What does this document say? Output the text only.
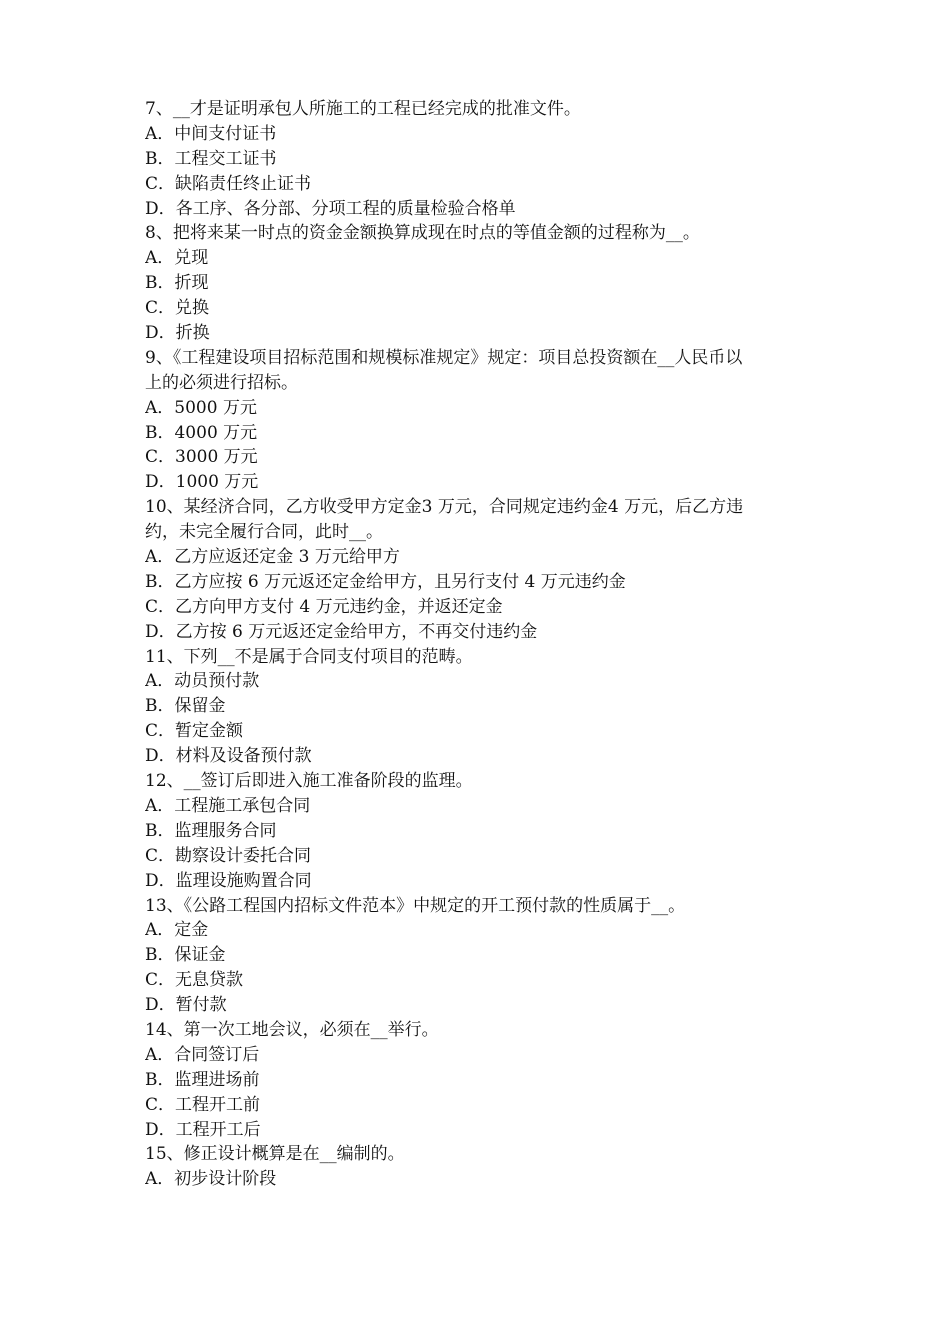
7、__才是证明承包人所施工的工程已经完成的批准文件。
A．中间支付证书
B．工程交工证书
C．缺陷责任终止证书
D．各工序、各分部、分项工程的质量检验合格单
8、把将来某一时点的资金金额换算成现在时点的等值金额的过程称为__。
A．兑现
B．折现
C．兑换
D．折换
9、《工程建设项目招标范围和规模标准规定》规定：项目总投资额在__人民币以
上的必须进行招标。
A．5000 万元
B．4000 万元
C．3000 万元
D．1000 万元
10、某经济合同，乙方收受甲方定金3 万元，合同规定违约金4 万元，后乙方违
约，未完全履行合同，此时__。
A．乙方应返还定金 3 万元给甲方
B．乙方应按 6 万元返还定金给甲方，且另行支付 4 万元违约金
C．乙方向甲方支付 4 万元违约金，并返还定金
D．乙方按 6 万元返还定金给甲方，不再交付违约金
11、下列__不是属于合同支付项目的范畴。
A．动员预付款
B．保留金
C．暂定金额
D．材料及设备预付款
12、__签订后即进入施工准备阶段的监理。
A．工程施工承包合同
B．监理服务合同
C．勘察设计委托合同
D．监理设施购置合同
13、《公路工程国内招标文件范本》中规定的开工预付款的性质属于__。
A．定金
B．保证金
C．无息贷款
D．暂付款
14、第一次工地会议，必须在__举行。
A．合同签订后
B．监理进场前
C．工程开工前
D．工程开工后
15、修正设计概算是在__编制的。
A．初步设计阶段
